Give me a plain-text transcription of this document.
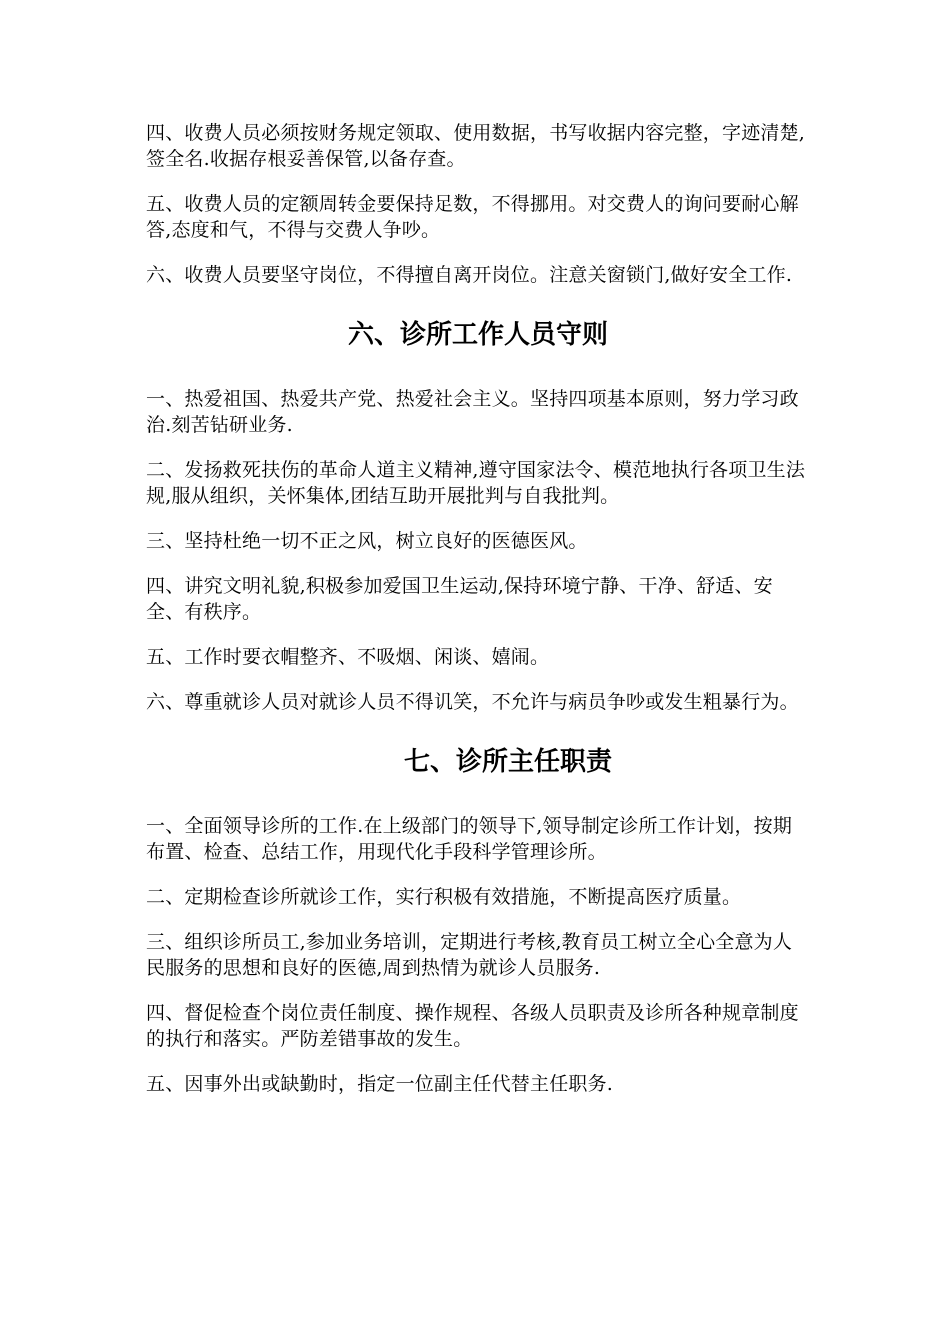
四、收费人员必须按财务规定领取、使用数据，书写收据内容完整，字迹清楚,签全名.收据存根妥善保管,以备存查。

五、收费人员的定额周转金要保持足数，不得挪用。对交费人的询问要耐心解答,态度和气，不得与交费人争吵。

六、收费人员要坚守岗位，不得擅自离开岗位。注意关窗锁门,做好安全工作.

六、诊所工作人员守则

一、热爱祖国、热爱共产党、热爱社会主义。坚持四项基本原则，努力学习政治.刻苦钻研业务.

二、发扬救死扶伤的革命人道主义精神,遵守国家法令、模范地执行各项卫生法规,服从组织，关怀集体,团结互助开展批判与自我批判。

三、坚持杜绝一切不正之风，树立良好的医德医风。

四、讲究文明礼貌,积极参加爱国卫生运动,保持环境宁静、干净、舒适、安全、有秩序。

五、工作时要衣帽整齐、不吸烟、闲谈、嬉闹。

六、尊重就诊人员对就诊人员不得讥笑，不允许与病员争吵或发生粗暴行为。

七、诊所主任职责

一、全面领导诊所的工作.在上级部门的领导下,领导制定诊所工作计划，按期布置、检查、总结工作，用现代化手段科学管理诊所。

二、定期检查诊所就诊工作，实行积极有效措施，不断提高医疗质量。

三、组织诊所员工,参加业务培训，定期进行考核,教育员工树立全心全意为人民服务的思想和良好的医德,周到热情为就诊人员服务.

四、督促检查个岗位责任制度、操作规程、各级人员职责及诊所各种规章制度的执行和落实。严防差错事故的发生。

五、因事外出或缺勤时，指定一位副主任代替主任职务.
